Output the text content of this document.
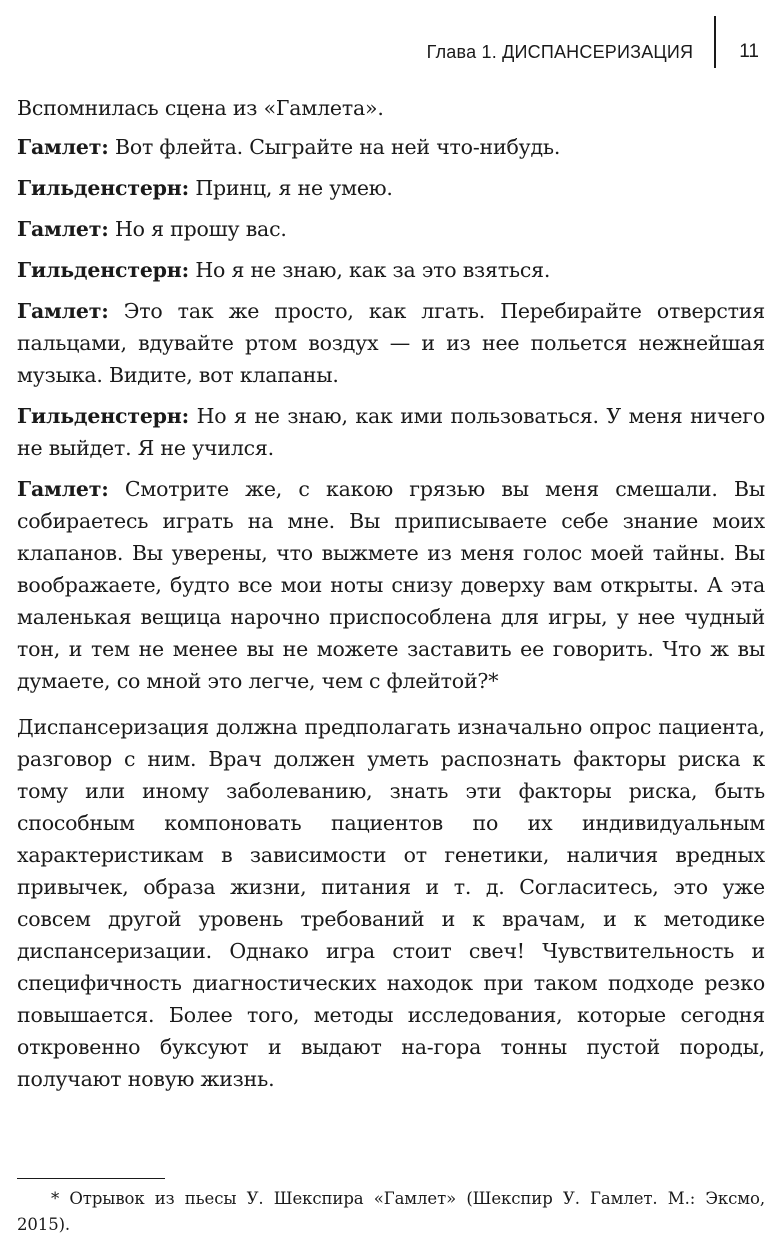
Глава 1. ДИСПАНСЕРИЗАЦИЯ 11

Вспомнилась сцена из «Гамлета».

Гамлет: Вот флейта. Сыграйте на ней что-нибудь.

Гильденстерн: Принц, я не умею.

Гамлет: Но я прошу вас.

Гильденстерн: Но я не знаю, как за это взяться.

Гамлет: Это так же просто, как лгать. Перебирайте отверстия пальцами, вдувайте ртом воздух — и из нее польется нежнейшая музыка. Видите, вот клапаны.

Гильденстерн: Но я не знаю, как ими пользоваться. У меня ничего не выйдет. Я не учился.

Гамлет: Смотрите же, с какою грязью вы меня смешали. Вы собираетесь играть на мне. Вы приписываете себе знание моих клапанов. Вы уверены, что выжмете из меня голос моей тайны. Вы воображаете, будто все мои ноты снизу доверху вам открыты. А эта маленькая вещица нарочно приспособлена для игры, у нее чудный тон, и тем не менее вы не можете заставить ее говорить. Что ж вы думаете, со мной это легче, чем с флейтой?*

Диспансеризация должна предполагать изначально опрос пациента, разговор с ним. Врач должен уметь распознать факторы риска к тому или иному заболеванию, знать эти факторы риска, быть способным компоновать пациентов по их индивидуальным характеристикам в зависимости от генетики, наличия вредных привычек, образа жизни, питания и т. д. Согласитесь, это уже совсем другой уровень требований и к врачам, и к методике диспансеризации. Однако игра стоит свеч! Чувствительность и специфичность диагностических находок при таком подходе резко повышается. Более того, методы исследования, которые сегодня откровенно буксуют и выдают на-гора тонны пустой породы, получают новую жизнь.

* Отрывок из пьесы У. Шекспира «Гамлет» (Шекспир У. Гамлет. М.: Эксмо, 2015).
